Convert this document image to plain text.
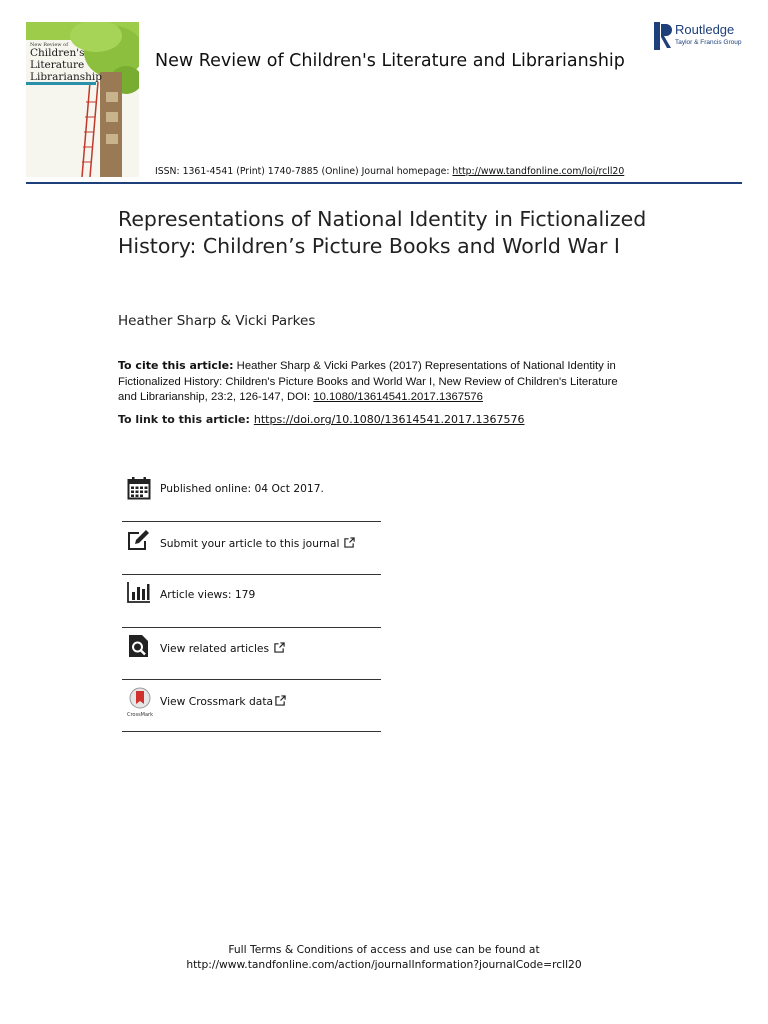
New Review of
Children's
Literature
Librarianship
New Review of Children's Literature and Librarianship
ISSN: 1361-4541 (Print) 1740-7885 (Online) Journal homepage: http://www.tandfonline.com/loi/rcll20
Routledge
Taylor & Francis Group
Representations of National Identity in Fictionalized History: Children’s Picture Books and World War I
Heather Sharp & Vicki Parkes
To cite this article: Heather Sharp & Vicki Parkes (2017) Representations of National Identity in Fictionalized History: Children's Picture Books and World War I, New Review of Children's Literature and Librarianship, 23:2, 126-147, DOI: 10.1080/13614541.2017.1367576
To link to this article: https://doi.org/10.1080/13614541.2017.1367576
Published online: 04 Oct 2017.
Submit your article to this journal
Article views: 179
View related articles
CrossMark
View Crossmark data
Full Terms & Conditions of access and use can be found at
http://www.tandfonline.com/action/journalInformation?journalCode=rcll20
